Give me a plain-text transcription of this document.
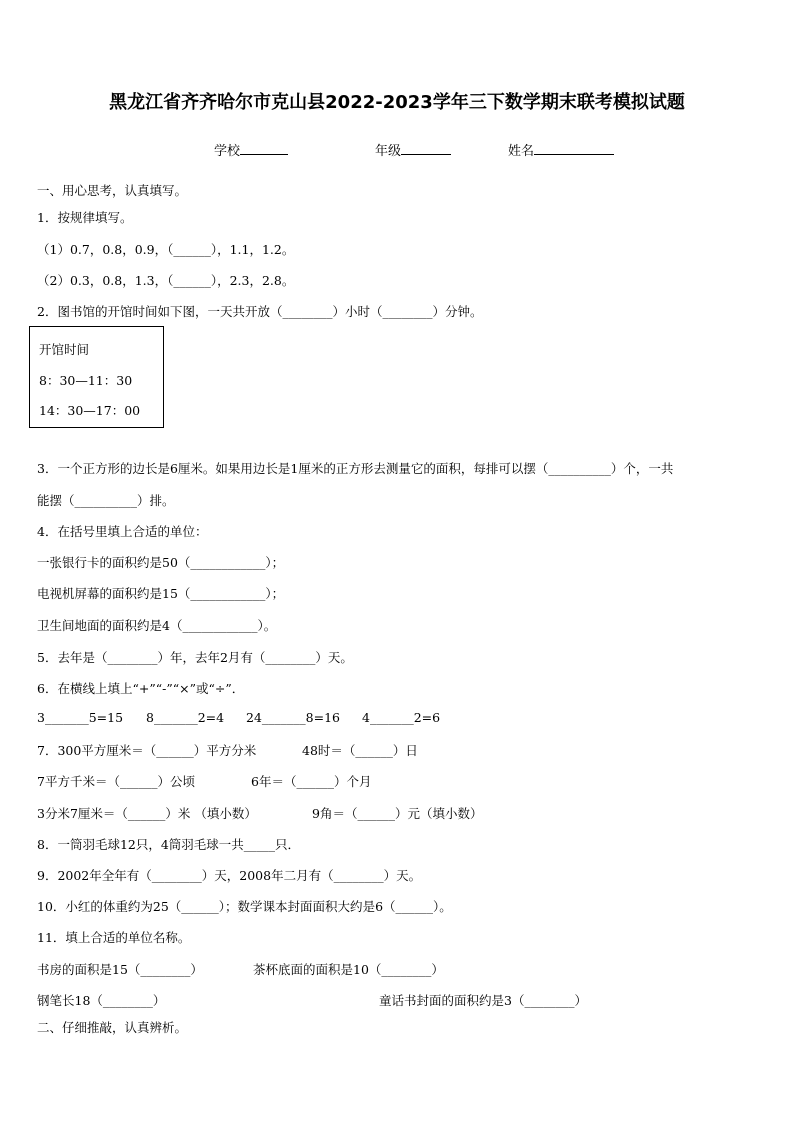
黑龙江省齐齐哈尔市克山县2022-2023学年三下数学期末联考模拟试题
学校	年级	姓名
一、用心思考，认真填写。
1．按规律填写。
（1）0.7，0.8，0.9，（______），1.1，1.2。
（2）0.3，0.8，1.3，（______），2.3，2.8。
2．图书馆的开馆时间如下图，一天共开放（________）小时（________）分钟。
开馆时间
8：30—11：30
14：30—17：00
3．一个正方形的边长是6厘米。如果用边长是1厘米的正方形去测量它的面积，每排可以摆（__________）个，一共
能摆（__________）排。
4．在括号里填上合适的单位：
一张银行卡的面积约是50（____________）；
电视机屏幕的面积约是15（____________）；
卫生间地面的面积约是4（____________）。
5．去年是（________）年，去年2月有（________）天。
6．在横线上填上“+”“-”“×”或“÷”．
3_______5=15 8_______2=4 24_______8=16 4_______2=6
7．300平方厘米＝（______）平方分米	48时＝（______）日
7平方千米＝（______）公顷	6年＝（______）个月
3分米7厘米＝（______）米 （填小数）	9角＝（______）元（填小数）
8．一筒羽毛球12只，4筒羽毛球一共_____只．
9．2002年全年有（________）天，2008年二月有（________）天。
10．小红的体重约为25（______）；数学课本封面面积大约是6（______）。
11．填上合适的单位名称。
书房的面积是15（________）	茶杯底面的面积是10（________）
钢笔长18（________）	童话书封面的面积约是3（________）
二、仔细推敲，认真辨析。
